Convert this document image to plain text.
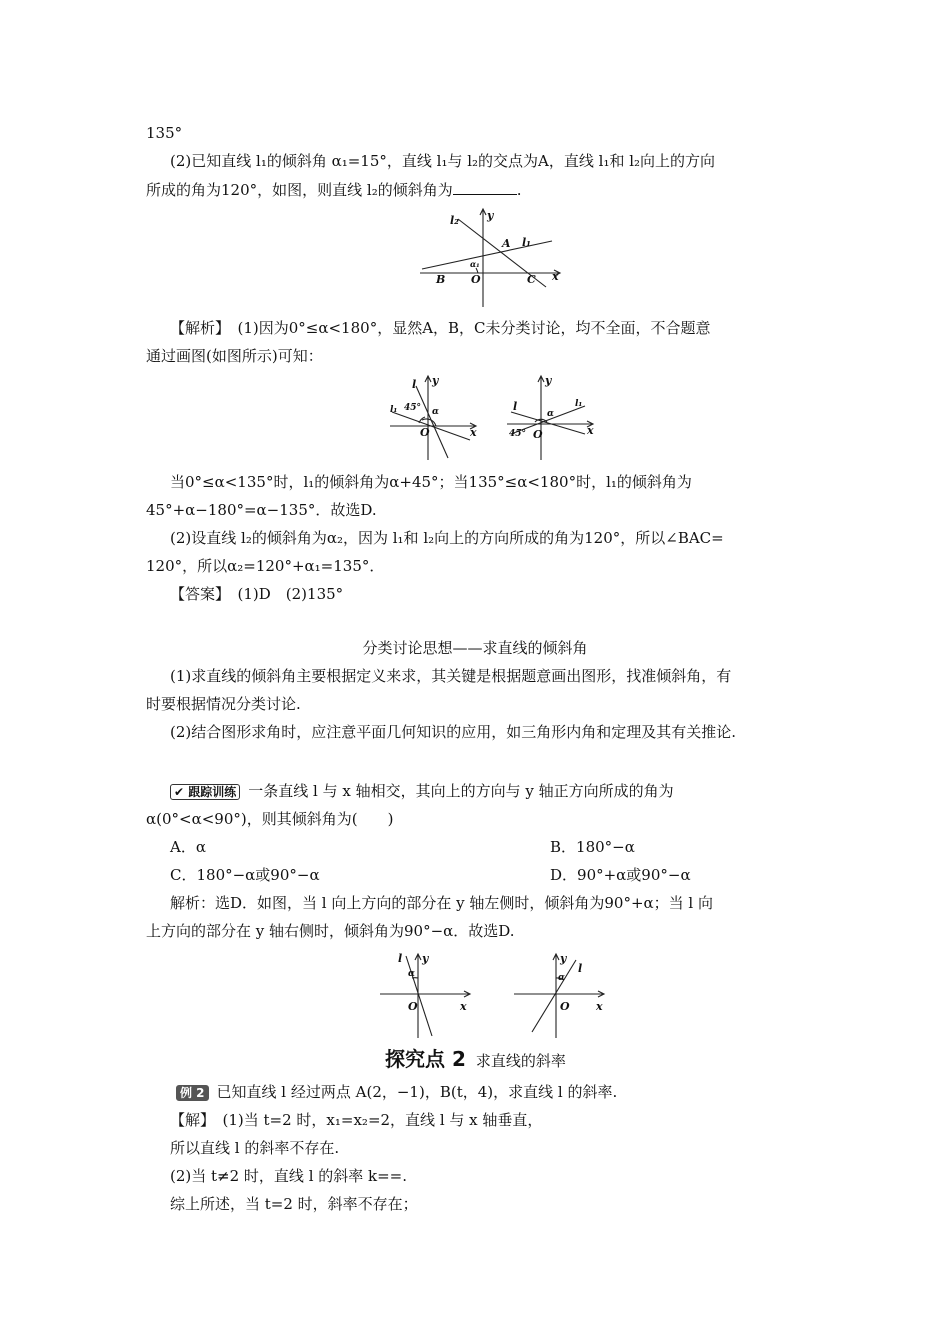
135°
(2)已知直线 l₁的倾斜角 α₁=15°，直线 l₁与 l₂的交点为A，直线 l₁和 l₂向上的方向
所成的角为120°，如图，则直线 l₂的倾斜角为	.
l₂	y
A l₁
α₁
B O	C x
【解析】　(1)因为0°≤α<180°，显然A，B，C未分类讨论，均不全面，不合题意
通过画图(如图所示)可知：
l y
l₁ 45° α
O	x
y
l	l₁
α
45° O	x
当0°≤α<135°时，l₁的倾斜角为α+45°；当135°≤α<180°时，l₁的倾斜角为
45°+α−180°=α−135°．故选D.
(2)设直线 l₂的倾斜角为α₂，因为 l₁和 l₂向上的方向所成的角为120°，所以∠BAC=
120°，所以α₂=120°+α₁=135°．
【答案】　(1)D　(2)135°
分类讨论思想——求直线的倾斜角
(1)求直线的倾斜角主要根据定义来求，其关键是根据题意画出图形，找准倾斜角，有
时要根据情况分类讨论.
(2)结合图形求角时，应注意平面几何知识的应用，如三角形内角和定理及其有关推论.
✔ 跟踪训练 一条直线 l 与 x 轴相交，其向上的方向与 y 轴正方向所成的角为
α(0°<α<90°)，则其倾斜角为(　　)
A．α	B．180°−α
C．180°−α或90°−α	D．90°+α或90°−α
解析：选D．如图，当 l 向上方向的部分在 y 轴左侧时，倾斜角为90°+α；当 l 向
上方向的部分在 y 轴右侧时，倾斜角为90°−α．故选D.
l y
α
O	x
y
α
l
O x
探究点 2 求直线的斜率
例 2 已知直线 l 经过两点 A(2，−1)，B(t，4)，求直线 l 的斜率.
【解】　(1)当 t=2 时，x₁=x₂=2，直线 l 与 x 轴垂直，
所以直线 l 的斜率不存在.
(2)当 t≠2 时，直线 l 的斜率 k==.
综上所述，当 t=2 时，斜率不存在；
